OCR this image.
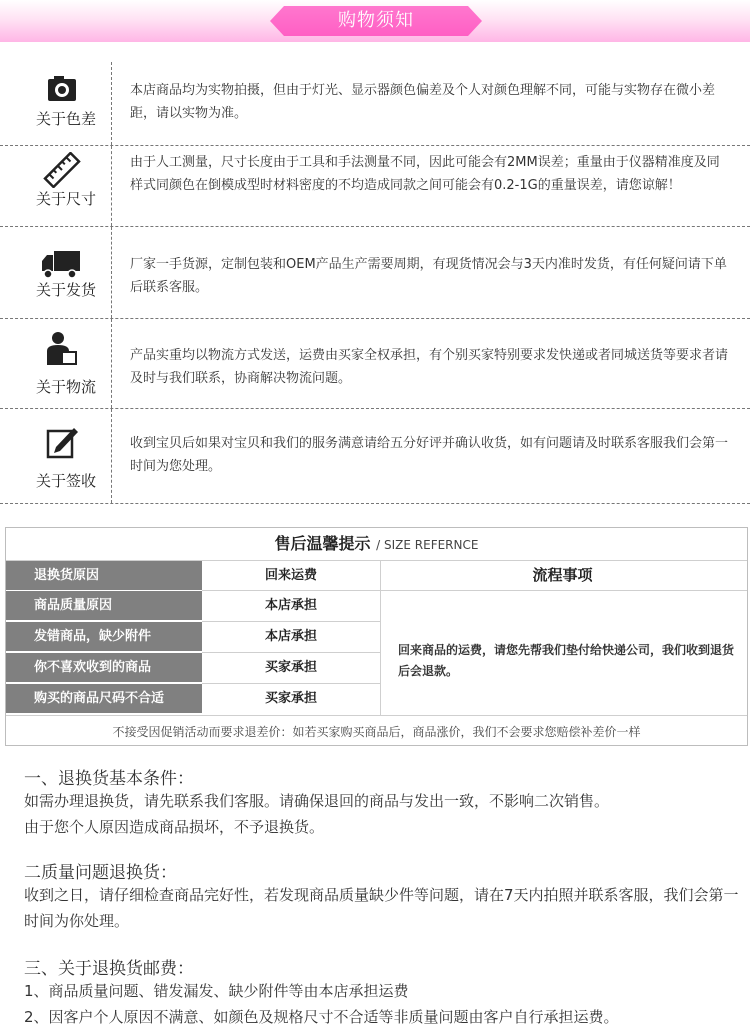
购物须知
关于色差
本店商品均为实物拍摄，但由于灯光、显示器颜色偏差及个人对颜色理解不同，可能与实物存在微小差距，请以实物为准。
关于尺寸
由于人工测量，尺寸长度由于工具和手法测量不同，因此可能会有2MM误差；重量由于仪器精准度及同样式同颜色在倒模成型时材料密度的不均造成同款之间可能会有0.2-1G的重量误差，请您谅解！
关于发货
厂家一手货源，定制包装和OEM产品生产需要周期，有现货情况会与3天内准时发货，有任何疑问请下单后联系客服。
关于物流
产品实重均以物流方式发送，运费由买家全权承担，有个别买家特别要求发快递或者同城送货等要求者请及时与我们联系，协商解决物流问题。
关于签收
收到宝贝后如果对宝贝和我们的服务满意请给五分好评并确认收货，如有问题请及时联系客服我们会第一时间为您处理。
售后温馨提示 / SIZE REFERNCE
退换货原因	回来运费	流程事项
商品质量原因	本店承担
发错商品，缺少附件	本店承担
你不喜欢收到的商品	买家承担
购买的商品尺码不合适	买家承担
回来商品的运费，请您先帮我们垫付给快递公司，我们收到退货后会退款。
不接受因促销活动而要求退差价：如若买家购买商品后，商品涨价，我们不会要求您赔偿补差价一样
一、退换货基本条件：
如需办理退换货，请先联系我们客服。请确保退回的商品与发出一致，不影响二次销售。
由于您个人原因造成商品损坏，不予退换货。
二质量问题退换货：
收到之日，请仔细检查商品完好性，若发现商品质量缺少件等问题，请在7天内拍照并联系客服，我们会第一时间为你处理。
三、关于退换货邮费：
1、商品质量问题、错发漏发、缺少附件等由本店承担运费
2、因客户个人原因不满意、如颜色及规格尺寸不合适等非质量问题由客户自行承担运费。
